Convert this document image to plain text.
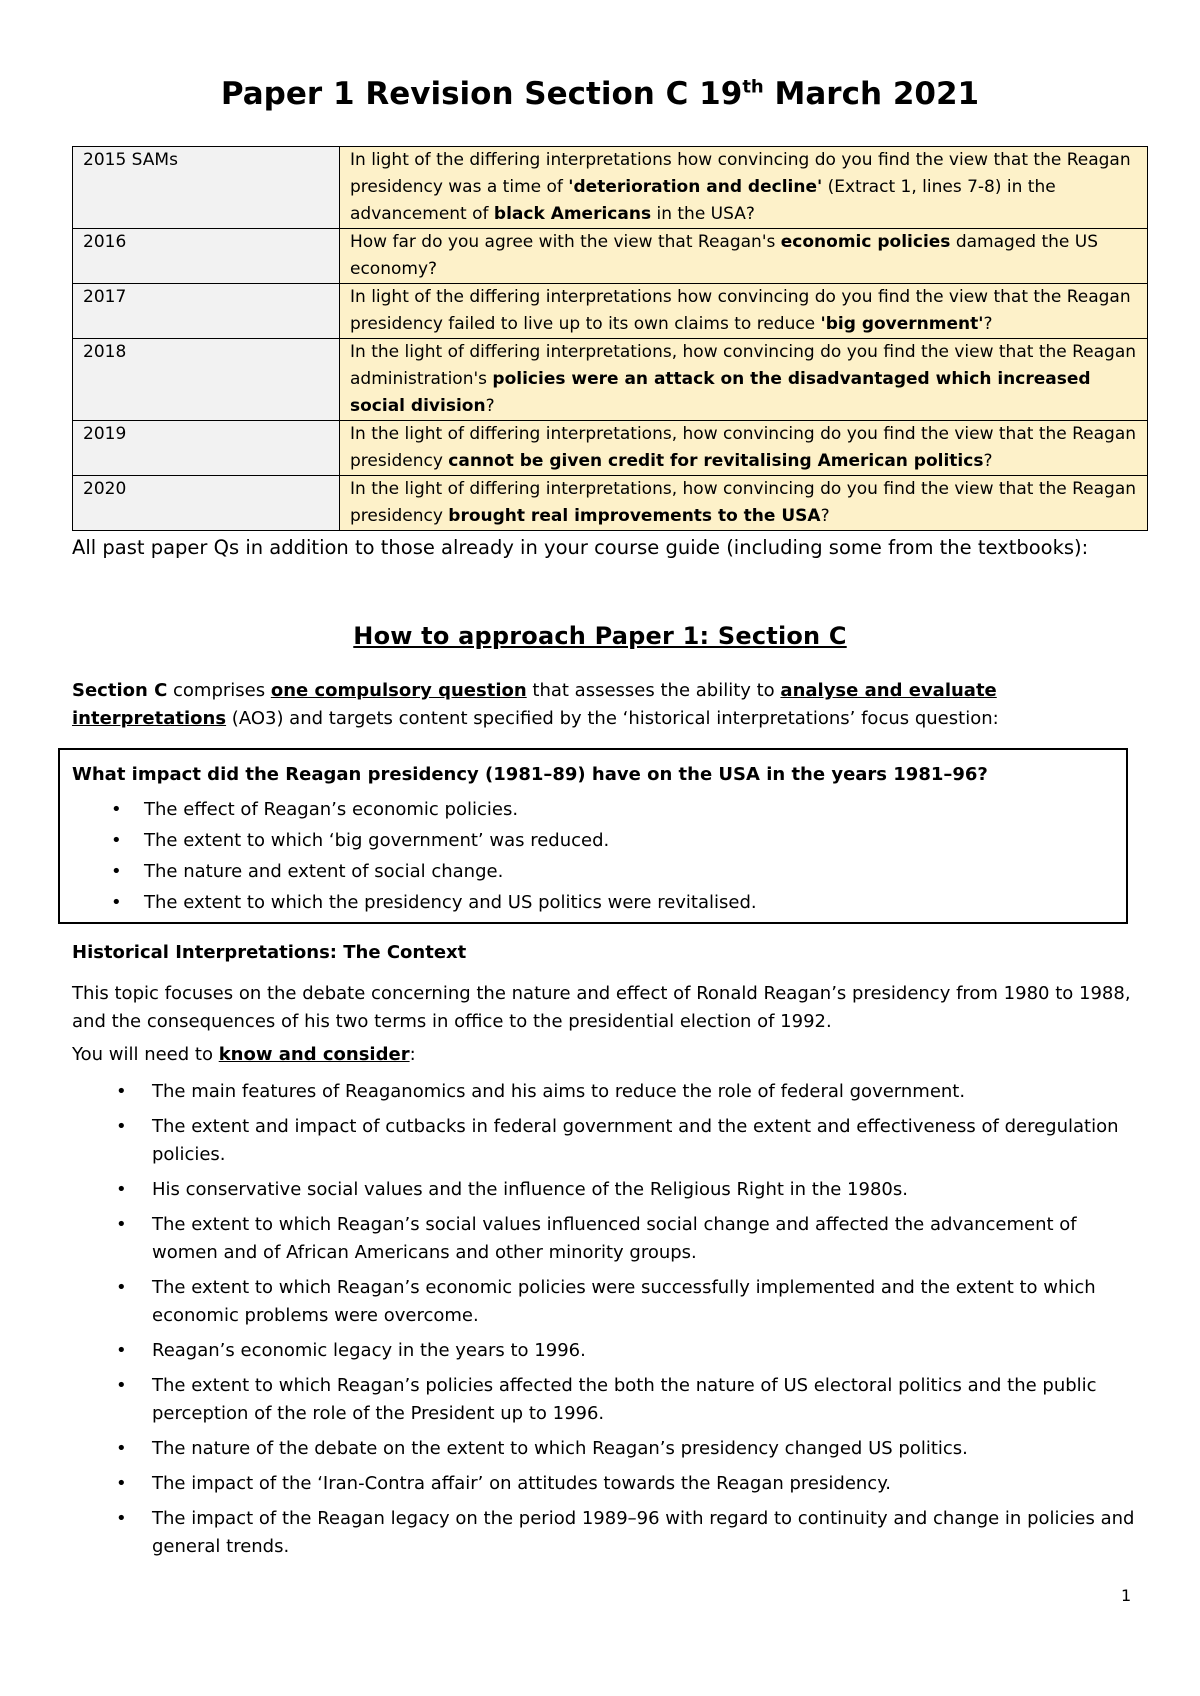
Paper 1 Revision Section C 19th March 2021
2015 SAMs	In light of the differing interpretations how convincing do you find the view that the Reagan presidency was a time of 'deterioration and decline' (Extract 1, lines 7-8) in the advancement of black Americans in the USA?
2016	How far do you agree with the view that Reagan's economic policies damaged the US economy?
2017	In light of the differing interpretations how convincing do you find the view that the Reagan presidency failed to live up to its own claims to reduce 'big government'?
2018	In the light of differing interpretations, how convincing do you find the view that the Reagan administration's policies were an attack on the disadvantaged which increased social division?
2019	In the light of differing interpretations, how convincing do you find the view that the Reagan presidency cannot be given credit for revitalising American politics?
2020	In the light of differing interpretations, how convincing do you find the view that the Reagan presidency brought real improvements to the USA?
All past paper Qs in addition to those already in your course guide (including some from the textbooks):
How to approach Paper 1: Section C
Section C comprises one compulsory question that assesses the ability to analyse and evaluate interpretations (AO3) and targets content specified by the ‘historical interpretations’ focus question:
What impact did the Reagan presidency (1981–89) have on the USA in the years 1981–96?
• The effect of Reagan’s economic policies.
• The extent to which ‘big government’ was reduced.
• The nature and extent of social change.
• The extent to which the presidency and US politics were revitalised.
Historical Interpretations: The Context
This topic focuses on the debate concerning the nature and effect of Ronald Reagan’s presidency from 1980 to 1988, and the consequences of his two terms in office to the presidential election of 1992.
You will need to know and consider:
• The main features of Reaganomics and his aims to reduce the role of federal government.
• The extent and impact of cutbacks in federal government and the extent and effectiveness of deregulation policies.
• His conservative social values and the influence of the Religious Right in the 1980s.
• The extent to which Reagan’s social values influenced social change and affected the advancement of women and of African Americans and other minority groups.
• The extent to which Reagan’s economic policies were successfully implemented and the extent to which economic problems were overcome.
• Reagan’s economic legacy in the years to 1996.
• The extent to which Reagan’s policies affected the both the nature of US electoral politics and the public perception of the role of the President up to 1996.
• The nature of the debate on the extent to which Reagan’s presidency changed US politics.
• The impact of the ‘Iran-Contra affair’ on attitudes towards the Reagan presidency.
• The impact of the Reagan legacy on the period 1989–96 with regard to continuity and change in policies and general trends.
1
